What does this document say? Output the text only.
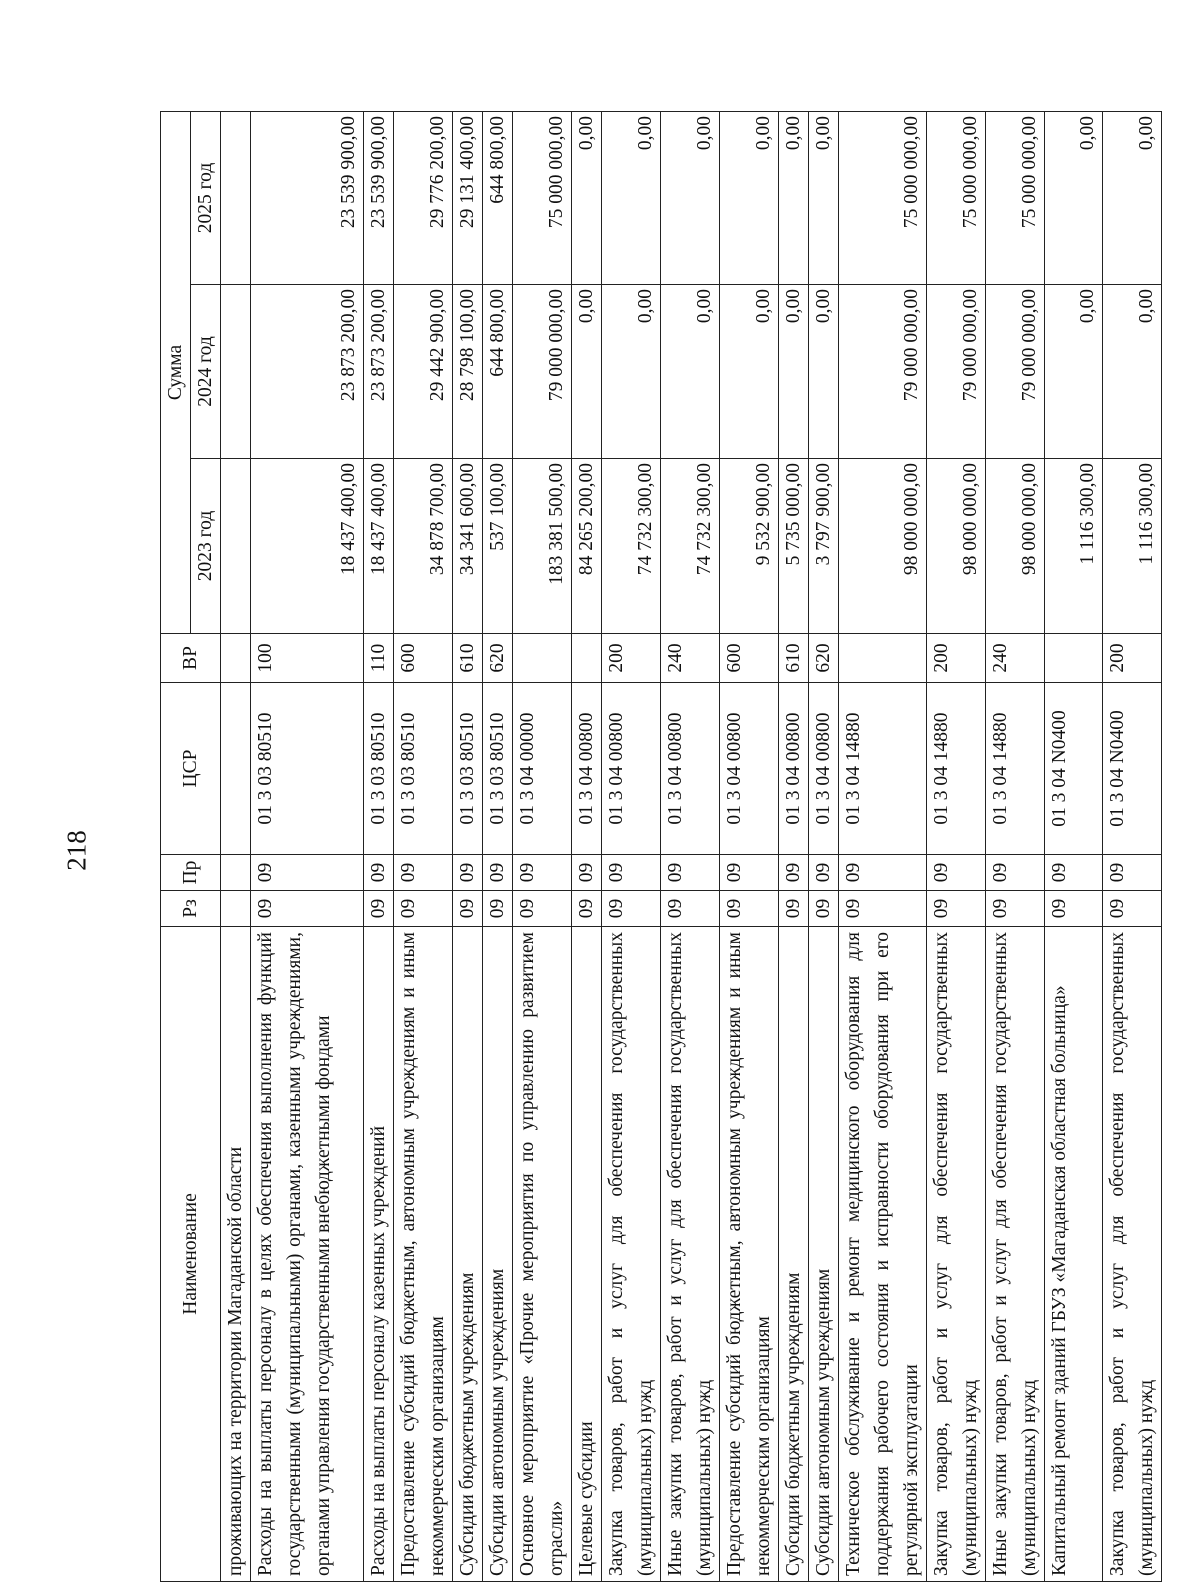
218
Наименование	Рз	Пр	ЦСР	ВР	Сумма		
					2023 год	2024 год	2025 год
проживающих на территории Магаданской области							
Расходы на выплаты персоналу в целях обеспечения выполнения функций государственными (муниципальными) органами, казенными учреждениями, органами управления государственными внебюджетными фондами	09	09	01 3 03 80510	100	18 437 400,00	23 873 200,00	23 539 900,00
Расходы на выплаты персоналу казенных учреждений	09	09	01 3 03 80510	110	18 437 400,00	23 873 200,00	23 539 900,00
Предоставление субсидий бюджетным, автономным учреждениям и иным некоммерческим организациям	09	09	01 3 03 80510	600	34 878 700,00	29 442 900,00	29 776 200,00
Субсидии бюджетным учреждениям	09	09	01 3 03 80510	610	34 341 600,00	28 798 100,00	29 131 400,00
Субсидии автономным учреждениям	09	09	01 3 03 80510	620	537 100,00	644 800,00	644 800,00
Основное мероприятие «Прочие мероприятия по управлению развитием отрасли»	09	09	01 3 04 00000		183 381 500,00	79 000 000,00	75 000 000,00
Целевые субсидии	09	09	01 3 04 00800		84 265 200,00	0,00	0,00
Закупка товаров, работ и услуг для обеспечения государственных (муниципальных) нужд	09	09	01 3 04 00800	200	74 732 300,00	0,00	0,00
Иные закупки товаров, работ и услуг для обеспечения государственных (муниципальных) нужд	09	09	01 3 04 00800	240	74 732 300,00	0,00	0,00
Предоставление субсидий бюджетным, автономным учреждениям и иным некоммерческим организациям	09	09	01 3 04 00800	600	9 532 900,00	0,00	0,00
Субсидии бюджетным учреждениям	09	09	01 3 04 00800	610	5 735 000,00	0,00	0,00
Субсидии автономным учреждениям	09	09	01 3 04 00800	620	3 797 900,00	0,00	0,00
Техническое обслуживание и ремонт медицинского оборудования для поддержания рабочего состояния и исправности оборудования при его регулярной эксплуатации	09	09	01 3 04 14880		98 000 000,00	79 000 000,00	75 000 000,00
Закупка товаров, работ и услуг для обеспечения государственных (муниципальных) нужд	09	09	01 3 04 14880	200	98 000 000,00	79 000 000,00	75 000 000,00
Иные закупки товаров, работ и услуг для обеспечения государственных (муниципальных) нужд	09	09	01 3 04 14880	240	98 000 000,00	79 000 000,00	75 000 000,00
Капитальный ремонт зданий ГБУЗ «Магаданская областная больница»	09	09	01 3 04 N0400		1 116 300,00	0,00	0,00
Закупка товаров, работ и услуг для обеспечения государственных (муниципальных) нужд	09	09	01 3 04 N0400	200	1 116 300,00	0,00	0,00
